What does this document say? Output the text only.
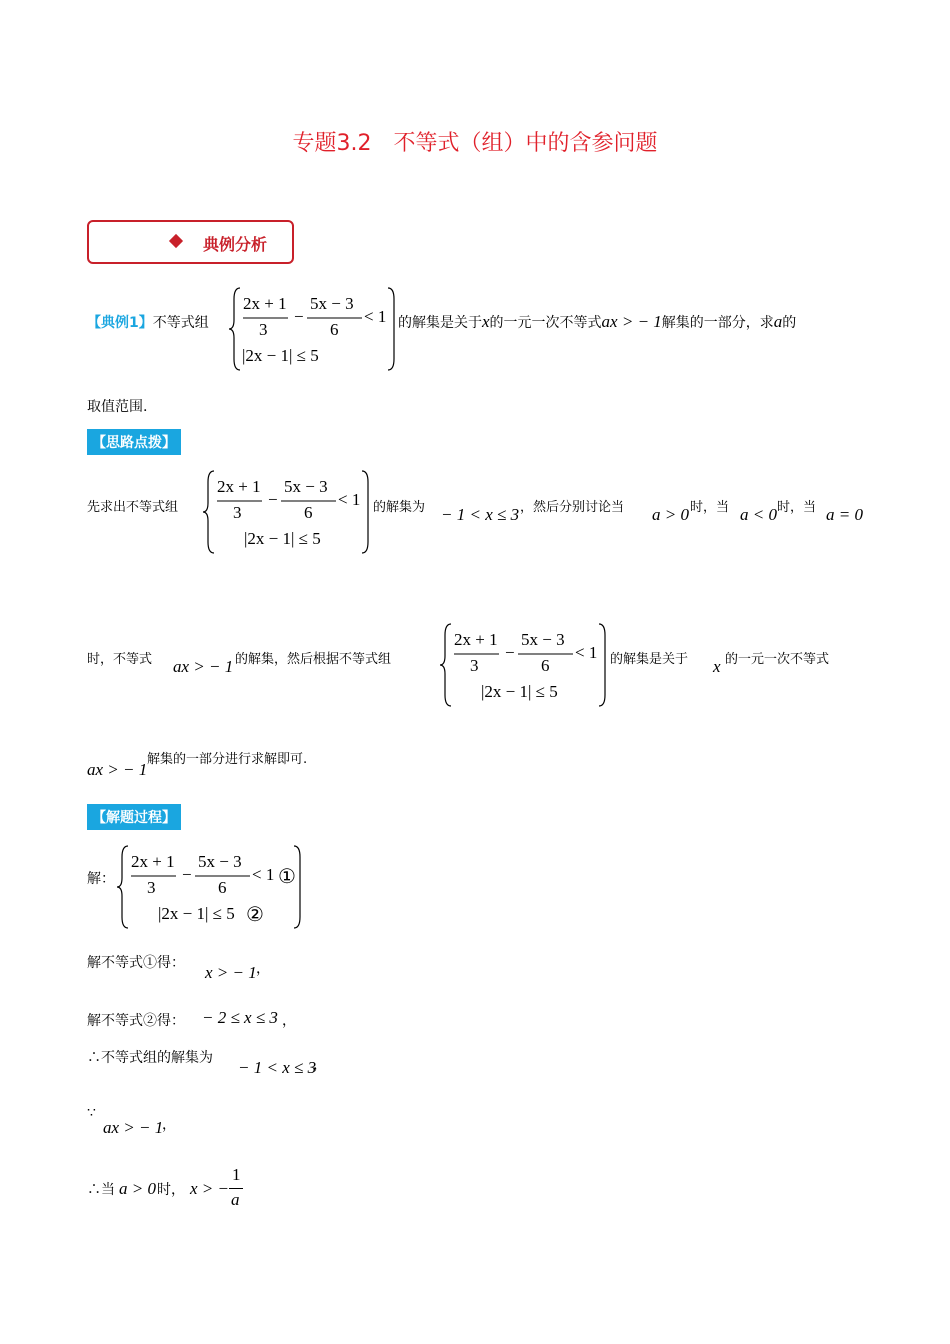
专题3.2　不等式（组）中的含参问题
典例分析
【典例1】不等式组
2x + 1
3
−
5x − 3
6
< 1
|2x − 1| ≤ 5
的解集是关于x的一元一次不等式ax > − 1解集的一部分，求a的
取值范围.
【思路点拨】
先求出不等式组
2x + 1
3
−
5x − 3
6
< 1
|2x − 1| ≤ 5
的解集为 − 1 < x ≤ 3 ，然后分别讨论当 a > 0 时，当 a < 0 时，当 a = 0
时，不等式 ax > − 1 的解集，然后根据不等式组
2x + 1
3
−
5x − 3
6
< 1
|2x − 1| ≤ 5
的解集是关于 x 的一元一次不等式
ax > − 1
解集的一部分进行求解即可.
【解题过程】
解：
2x + 1
3
−
5x − 3
6
< 1 ①
|2x − 1| ≤ 5 ②
解不等式①得： x > − 1 ，
解不等式②得： − 2 ≤ x ≤ 3 ，
∴不等式组的解集为 − 1 < x ≤ 3
，
∵
ax > − 1
，
∴当 a > 0 时， x > −
1
a
